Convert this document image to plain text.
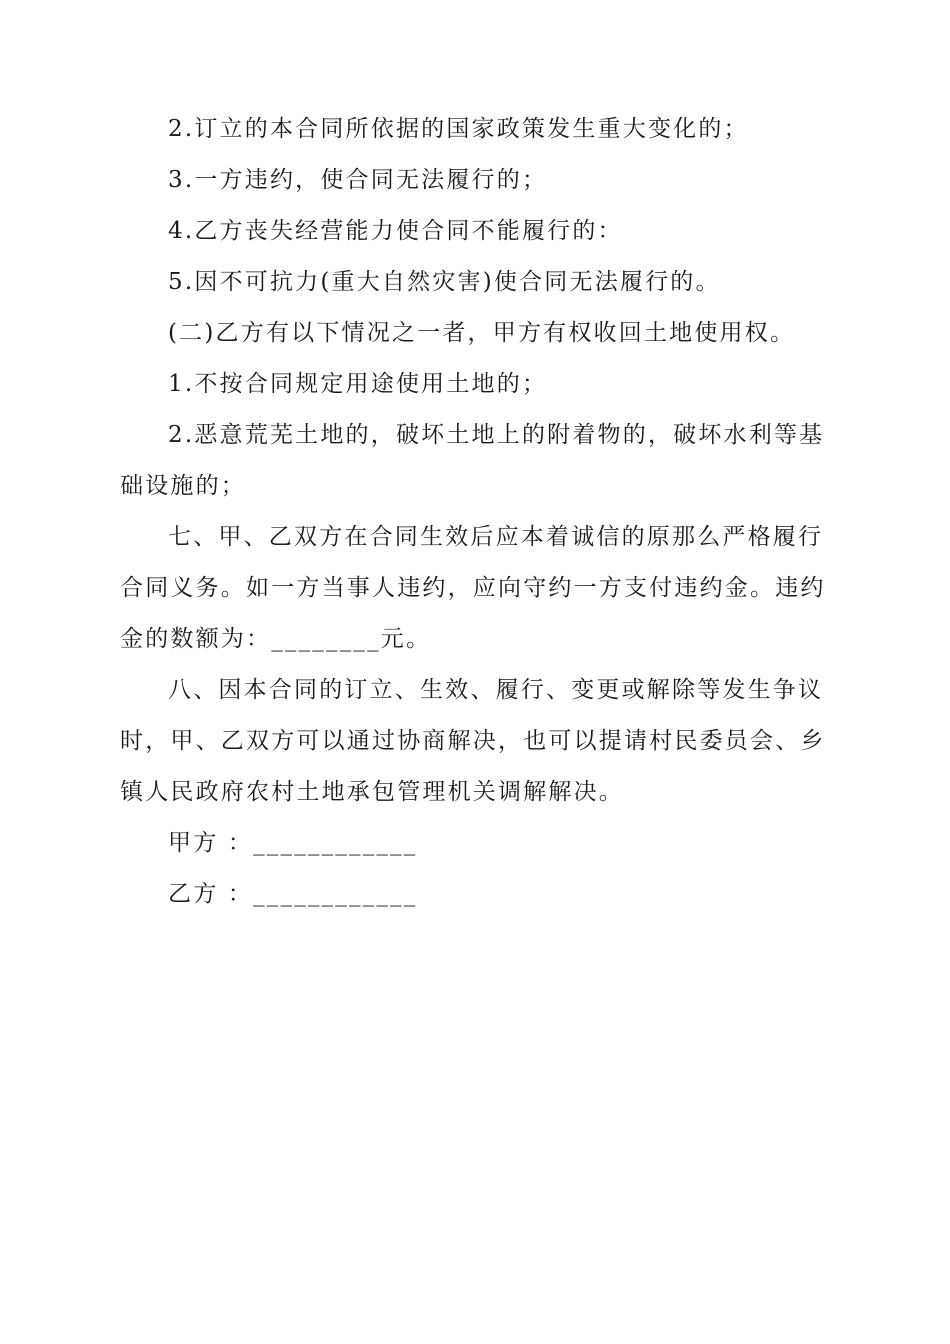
2.订立的本合同所依据的国家政策发生重大变化的；

3.一方违约，使合同无法履行的；

4.乙方丧失经营能力使合同不能履行的：

5.因不可抗力(重大自然灾害)使合同无法履行的。

(二)乙方有以下情况之一者，甲方有权收回土地使用权。

1.不按合同规定用途使用土地的；

2.恶意荒芜土地的，破坏土地上的附着物的，破坏水利等基础设施的；

七、甲、乙双方在合同生效后应本着诚信的原那么严格履行合同义务。如一方当事人违约，应向守约一方支付违约金。违约金的数额为：________元。

八、因本合同的订立、生效、履行、变更或解除等发生争议时，甲、乙双方可以通过协商解决，也可以提请村民委员会、乡镇人民政府农村土地承包管理机关调解解决。

甲方 ：____________

乙方 ：____________
